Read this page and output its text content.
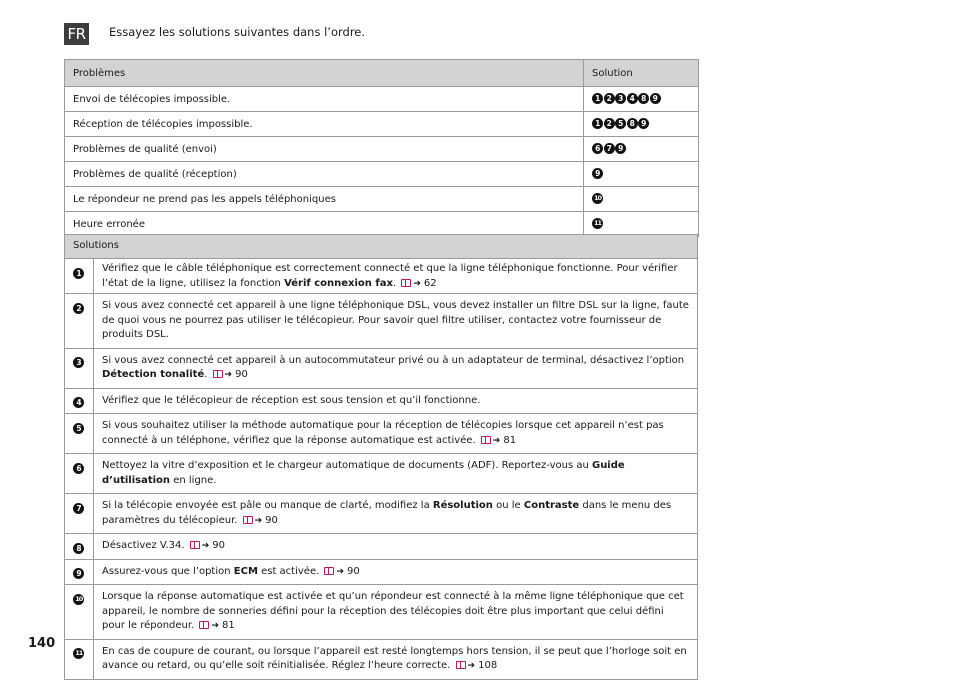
FR	Essayez les solutions suivantes dans l’ordre.
Problèmes	Solution
Envoi de télécopies impossible.	1 2 3 4 8 9
Réception de télécopies impossible.	1 2 5 8 9
Problèmes de qualité (envoi)	6 7 9
Problèmes de qualité (réception)	9
Le répondeur ne prend pas les appels téléphoniques	10
Heure erronée	11
Solutions	
1	Vérifiez que le câble téléphonique est correctement connecté et que la ligne téléphonique fonctionne. Pour vérifier l’état de la ligne, utilisez la fonction Vérif connexion fax. ➔ 62
2	Si vous avez connecté cet appareil à une ligne téléphonique DSL, vous devez installer un filtre DSL sur la ligne, faute de quoi vous ne pourrez pas utiliser le télécopieur. Pour savoir quel filtre utiliser, contactez votre fournisseur de produits DSL.
3	Si vous avez connecté cet appareil à un autocommutateur privé ou à un adaptateur de terminal, désactivez l’option Détection tonalité. ➔ 90
4	Vérifiez que le télécopieur de réception est sous tension et qu’il fonctionne.
5	Si vous souhaitez utiliser la méthode automatique pour la réception de télécopies lorsque cet appareil n’est pas connecté à un téléphone, vérifiez que la réponse automatique est activée. ➔ 81
6	Nettoyez la vitre d’exposition et le chargeur automatique de documents (ADF). Reportez-vous au Guide d’utilisation en ligne.
7	Si la télécopie envoyée est pâle ou manque de clarté, modifiez la Résolution ou le Contraste dans le menu des paramètres du télécopieur. ➔ 90
8	Désactivez V.34. ➔ 90
9	Assurez-vous que l’option ECM est activée. ➔ 90
10	Lorsque la réponse automatique est activée et qu’un répondeur est connecté à la même ligne téléphonique que cet appareil, le nombre de sonneries défini pour la réception des télécopies doit être plus important que celui défini pour le répondeur. ➔ 81
11	En cas de coupure de courant, ou lorsque l’appareil est resté longtemps hors tension, il se peut que l’horloge soit en avance ou retard, ou qu’elle soit réinitialisée. Réglez l’heure correcte. ➔ 108
140
